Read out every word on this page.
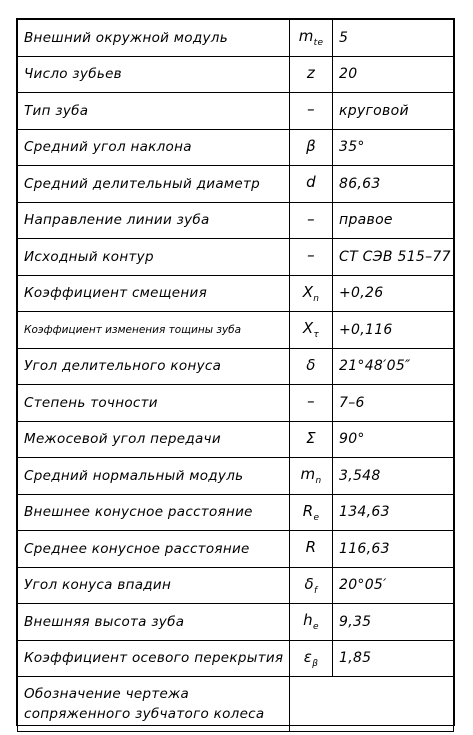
Внешний окружной модуль	$m_{te}$	5
Число зубьев	z	20
Тип зуба	–	круговой
Средний угол наклона	β	35°
Средний делительный диаметр	d	86,63
Направление линии зуба	–	правое
Исходный контур	–	СТ СЭВ 515–77
Коэффициент смещения	$X_n$	+0,26
Коэффициент изменения тощины зуба	$X_\tau$	+0,116
Угол делительного конуса	δ	21°48′05″
Степень точности	–	7–6
Межосевой угол передачи	Σ	90°
Средний нормальный модуль	$m_n$	3,548
Внешнее конусное расстояние	$R_e$	134,63
Среднее конусное расстояние	R	116,63
Угол конуса впадин	$\delta_f$	20°05′
Внешняя высота зуба	$h_e$	9,35
Коэффициент осевого перекрытия	$\varepsilon_\beta$	1,85

Обозначение чертежа
сопряженного зубчатого колеса		
